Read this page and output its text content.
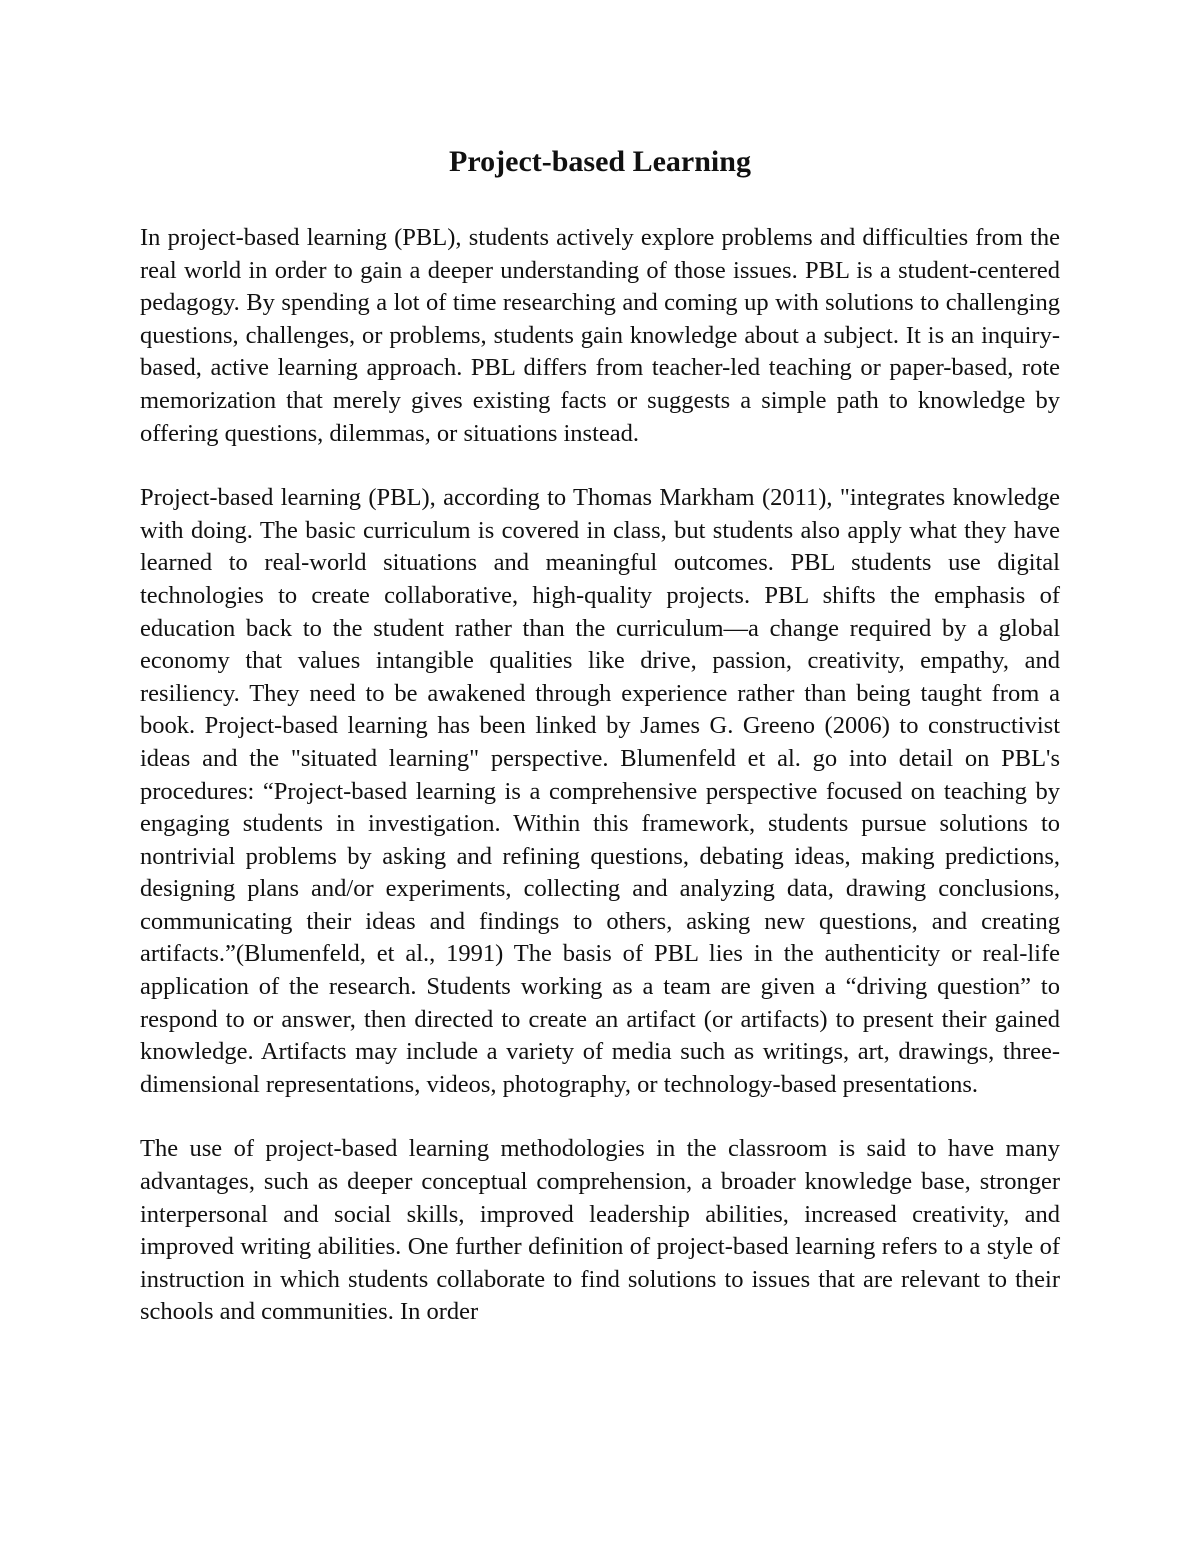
Project-based Learning

In project-based learning (PBL), students actively explore problems and difficulties from the real world in order to gain a deeper understanding of those issues. PBL is a student-centered pedagogy. By spending a lot of time researching and coming up with solutions to challenging questions, challenges, or problems, students gain knowledge about a subject. It is an inquiry-based, active learning approach. PBL differs from teacher-led teaching or paper-based, rote memorization that merely gives existing facts or suggests a simple path to knowledge by offering questions, dilemmas, or situations instead.

Project-based learning (PBL), according to Thomas Markham (2011), "integrates knowledge with doing. The basic curriculum is covered in class, but students also apply what they have learned to real-world situations and meaningful outcomes. PBL students use digital technologies to create collaborative, high-quality projects. PBL shifts the emphasis of education back to the student rather than the curriculum—a change required by a global economy that values intangible qualities like drive, passion, creativity, empathy, and resiliency. They need to be awakened through experience rather than being taught from a book. Project-based learning has been linked by James G. Greeno (2006) to constructivist ideas and the "situated learning" perspective. Blumenfeld et al. go into detail on PBL's procedures: “Project-based learning is a comprehensive perspective focused on teaching by engaging students in investigation. Within this framework, students pursue solutions to nontrivial problems by asking and refining questions, debating ideas, making predictions, designing plans and/or experiments, collecting and analyzing data, drawing conclusions, communicating their ideas and findings to others, asking new questions, and creating artifacts.”(Blumenfeld, et al., 1991) The basis of PBL lies in the authenticity or real-life application of the research. Students working as a team are given a “driving question” to respond to or answer, then directed to create an artifact (or artifacts) to present their gained knowledge. Artifacts may include a variety of media such as writings, art, drawings, three-dimensional representations, videos, photography, or technology-based presentations.

The use of project-based learning methodologies in the classroom is said to have many advantages, such as deeper conceptual comprehension, a broader knowledge base, stronger interpersonal and social skills, improved leadership abilities, increased creativity, and improved writing abilities. One further definition of project-based learning refers to a style of instruction in which students collaborate to find solutions to issues that are relevant to their schools and communities. In order
